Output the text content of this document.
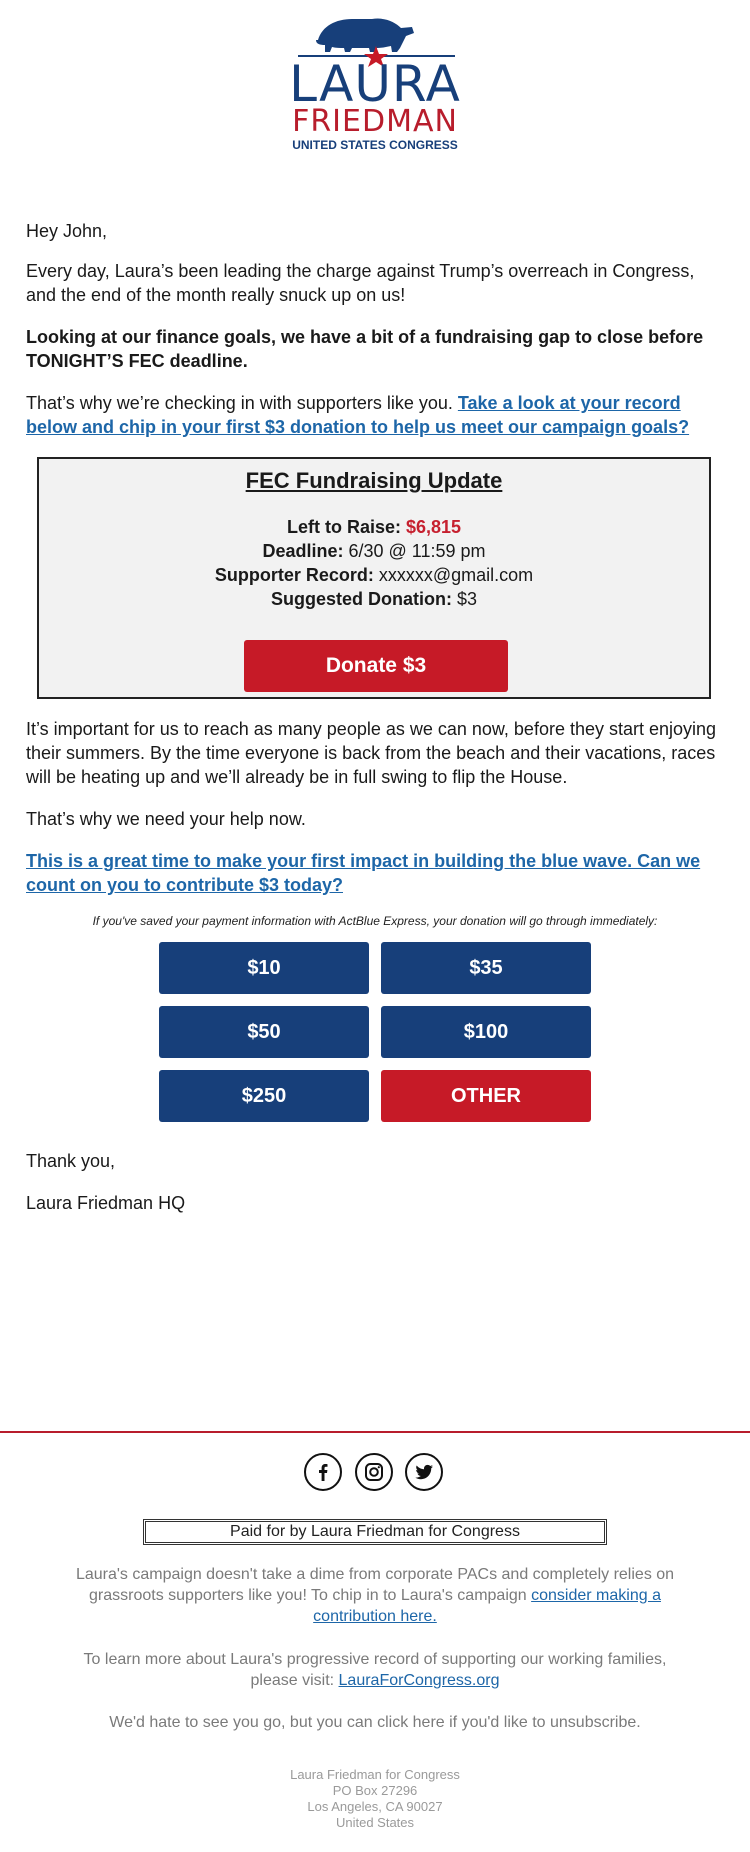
LAURA
FRIEDMAN
UNITED STATES CONGRESS

Hey John,

Every day, Laura’s been leading the charge against Trump’s overreach in Congress, and the end of the month really snuck up on us!

Looking at our finance goals, we have a bit of a fundraising gap to close before TONIGHT’S FEC deadline.

That’s why we’re checking in with supporters like you. Take a look at your record below and chip in your first $3 donation to help us meet our campaign goals?

FEC Fundraising Update
Left to Raise: $6,815
Deadline: 6/30 @ 11:59 pm
Supporter Record: xxxxxx@gmail.com
Suggested Donation: $3
Donate $3

It’s important for us to reach as many people as we can now, before they start enjoying their summers. By the time everyone is back from the beach and their vacations, races will be heating up and we’ll already be in full swing to flip the House.

That’s why we need your help now.

This is a great time to make your first impact in building the blue wave. Can we count on you to contribute $3 today?

If you've saved your payment information with ActBlue Express, your donation will go through immediately:
$10	$35
$50	$100
$250	OTHER

Thank you,

Laura Friedman HQ

Paid for by Laura Friedman for Congress
Laura's campaign doesn't take a dime from corporate PACs and completely relies on grassroots supporters like you! To chip in to Laura's campaign consider making a contribution here.
To learn more about Laura's progressive record of supporting our working families, please visit: LauraForCongress.org
We'd hate to see you go, but you can click here if you'd like to unsubscribe.
Laura Friedman for Congress
PO Box 27296
Los Angeles, CA 90027
United States
